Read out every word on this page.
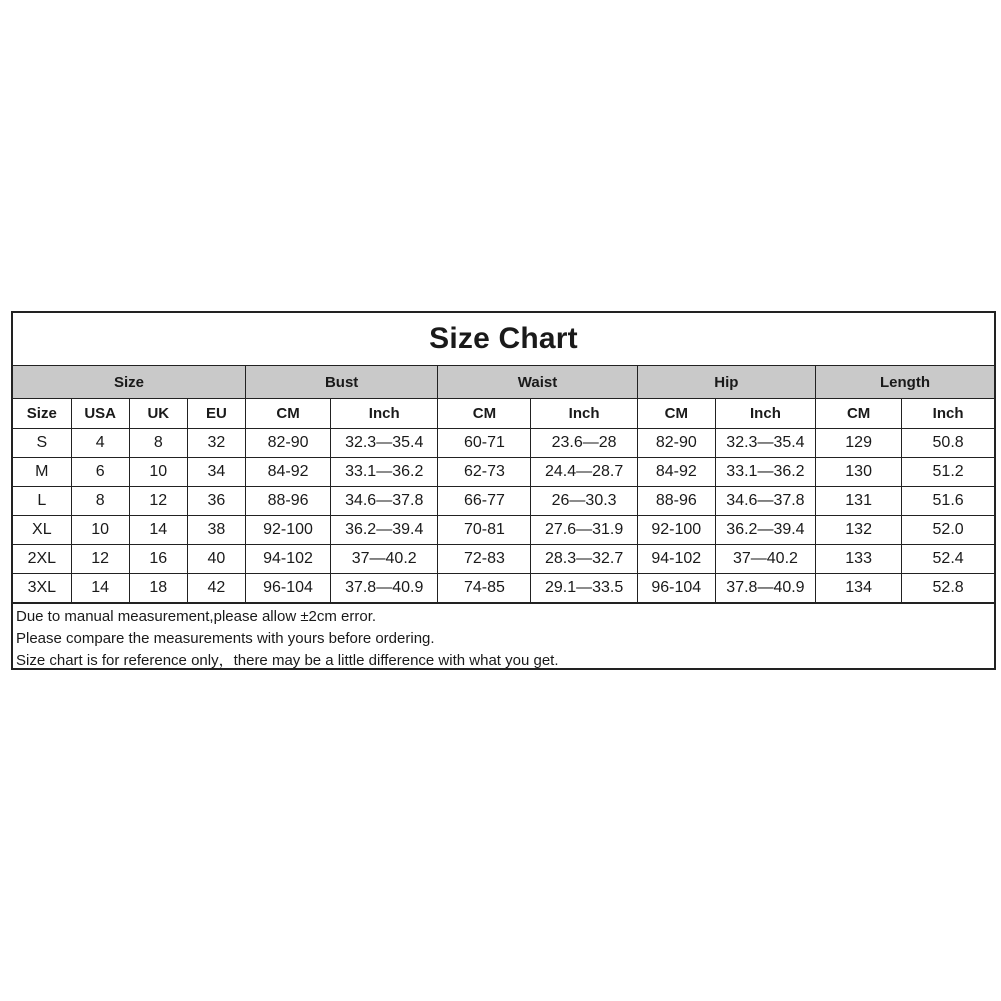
Size Chart
Size				Bust		Waist		Hip		Length	
Size	USA	UK	EU	CM	Inch	CM	Inch	CM	Inch	CM	Inch
S	4	8	32	82-90	32.3—35.4	60-71	23.6—28	82-90	32.3—35.4	129	50.8
M	6	10	34	84-92	33.1—36.2	62-73	24.4—28.7	84-92	33.1—36.2	130	51.2
L	8	12	36	88-96	34.6—37.8	66-77	26—30.3	88-96	34.6—37.8	131	51.6
XL	10	14	38	92-100	36.2—39.4	70-81	27.6—31.9	92-100	36.2—39.4	132	52.0
2XL	12	16	40	94-102	37—40.2	72-83	28.3—32.7	94-102	37—40.2	133	52.4
3XL	14	18	42	96-104	37.8—40.9	74-85	29.1—33.5	96-104	37.8—40.9	134	52.8
Due to manual measurement,please allow ±2cm error.
Please compare the measurements with yours before ordering.
Size chart is for reference only，there may be a little difference with what you get.
